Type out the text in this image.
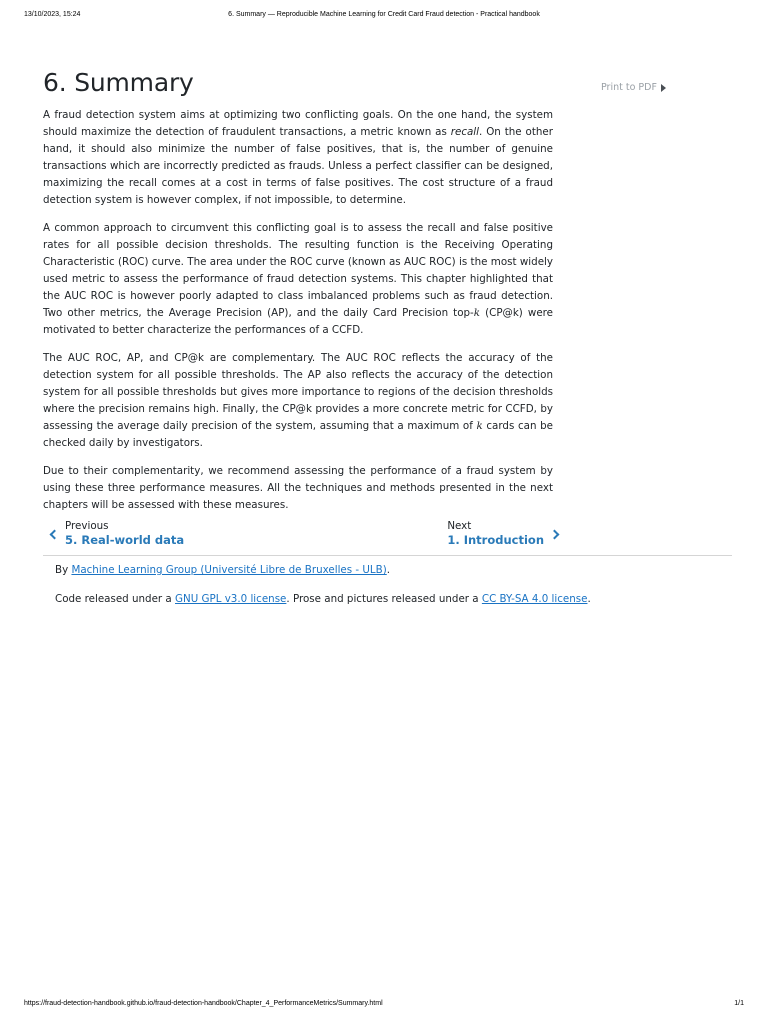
13/10/2023, 15:24	6. Summary — Reproducible Machine Learning for Credit Card Fraud detection - Practical handbook
6. Summary	Print to PDF

A fraud detection system aims at optimizing two conflicting goals. On the one hand, the system should maximize the detection of fraudulent transactions, a metric known as recall. On the other hand, it should also minimize the number of false positives, that is, the number of genuine transactions which are incorrectly predicted as frauds. Unless a perfect classifier can be designed, maximizing the recall comes at a cost in terms of false positives. The cost structure of a fraud detection system is however complex, if not impossible, to determine.

A common approach to circumvent this conflicting goal is to assess the recall and false positive rates for all possible decision thresholds. The resulting function is the Receiving Operating Characteristic (ROC) curve. The area under the ROC curve (known as AUC ROC) is the most widely used metric to assess the performance of fraud detection systems. This chapter highlighted that the AUC ROC is however poorly adapted to class imbalanced problems such as fraud detection. Two other metrics, the Average Precision (AP), and the daily Card Precision top-k (CP@k) were motivated to better characterize the performances of a CCFD.

The AUC ROC, AP, and CP@k are complementary. The AUC ROC reflects the accuracy of the detection system for all possible thresholds. The AP also reflects the accuracy of the detection system for all possible thresholds but gives more importance to regions of the decision thresholds where the precision remains high. Finally, the CP@k provides a more concrete metric for CCFD, by assessing the average daily precision of the system, assuming that a maximum of k cards can be checked daily by investigators.

Due to their complementarity, we recommend assessing the performance of a fraud system by using these three performance measures. All the techniques and methods presented in the next chapters will be assessed with these measures.

Previous
5. Real-world data
Next
1. Introduction
By Machine Learning Group (Université Libre de Bruxelles - ULB).
Code released under a GNU GPL v3.0 license. Prose and pictures released under a CC BY-SA 4.0 license.
https://fraud-detection-handbook.github.io/fraud-detection-handbook/Chapter_4_PerformanceMetrics/Summary.html	1/1
